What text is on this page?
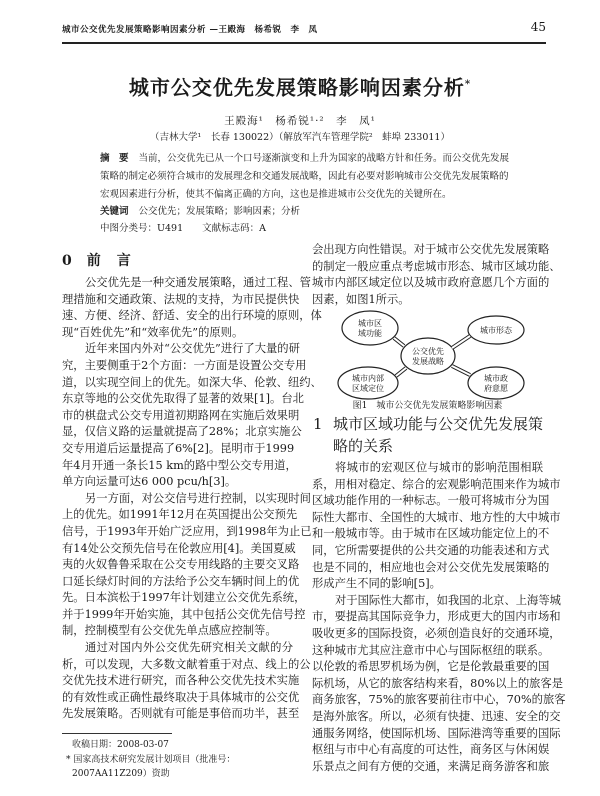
城市公交优先发展策略影响因素分析 —王殿海　杨希锐　李　凤	45
城市公交优先发展策略影响因素分析*
王殿海¹　杨希锐¹·²　李　凤¹
（吉林大学¹　长春 130022）（解放军汽车管理学院²　蚌埠 233011）
摘　要 当前，公交优先已从一个口号逐渐演变和上升为国家的战略方针和任务。而公交优先发展
策略的制定必须符合城市的发展理念和交通发展战略，因此有必要对影响城市公交优先发展策略的
宏观因素进行分析，使其不偏离正确的方向，这也是推进城市公交优先的关键所在。
关键词 公交优先；发展策略；影响因素；分析
中图分类号：U491　　文献标志码：A
0 前　言
公交优先是一种交通发展策略，通过工程、管
理措施和交通政策、法规的支持，为市民提供快
速、方便、经济、舒适、安全的出行环境的原则，体
现“百姓优先”和“效率优先”的原则。
近年来国内外对“公交优先”进行了大量的研
究，主要侧重于2个方面：一方面是设置公交专用
道，以实现空间上的优先。如深大华、伦敦、纽约、
东京等地的公交优先取得了显著的效果[1]。台北
市的棋盘式公交专用道初期路网在实施后效果明
显，仅信义路的运量就提高了28%；北京实施公
交专用道后运量提高了6%[2]。昆明市于1999
年4月开通一条长15 km的路中型公交专用道，
单方向运量可达6 000 pcu/h[3]。
另一方面，对公交信号进行控制，以实现时间
上的优先。如1991年12月在英国提出公交预先
信号，于1993年开始广泛应用，到1998年为止已
有14处公交预先信号在伦敦应用[4]。美国夏威
夷的火奴鲁鲁采取在公交专用线路的主要交叉路
口延长绿灯时间的方法给予公交车辆时间上的优
先。日本滨松于1997年计划建立公交优先系统，
并于1999年开始实施，其中包括公交优先信号控
制，控制模型有公交优先单点感应控制等。
通过对国内外公交优先研究相关文献的分
析，可以发现，大多数文献着重于对点、线上的公
交优先技术进行研究，而各种公交优先技术实施
的有效性或正确性最终取决于具体城市的公交优
先发展策略。否则就有可能是事倍而功半，甚至
收稿日期：2008-03-07
* 国家高技术研究发展计划项目（批准号：
2007AA11Z209）资助
会出现方向性错误。对于城市公交优先发展策略
的制定一般应重点考虑城市形态、城市区域功能、
城市内部区域定位以及城市政府意愿几个方面的
因素，如图1所示。
城市区
域功能	城市形态
公交优先
发展战略
城市内部
区域定位
城市政
府意愿
图1　城市公交优先发展策略影响因素
1 城市区域功能与公交优先发展策
略的关系
将城市的宏观区位与城市的影响范围相联
系，用相对稳定、综合的宏观影响范围来作为城市
区域功能作用的一种标志。一般可将城市分为国
际性大都市、全国性的大城市、地方性的大中城市
和一般城市等。由于城市在区域功能定位上的不
同，它所需要提供的公共交通的功能表述和方式
也是不同的，相应地也会对公交优先发展策略的
形成产生不同的影响[5]。
对于国际性大都市，如我国的北京、上海等城
市，要提高其国际竞争力，形成更大的国内市场和
吸收更多的国际投资，必须创造良好的交通环境，
这种城市尤其应注意市中心与国际枢纽的联系。
以伦敦的希思罗机场为例，它是伦敦最重要的国
际机场，从它的旅客结构来看，80%以上的旅客是
商务旅客，75%的旅客要前往市中心，70%的旅客
是海外旅客。所以，必须有快捷、迅速、安全的交
通服务网络，使国际机场、国际港湾等重要的国际
枢纽与市中心有高度的可达性，商务区与休闲娱
乐景点之间有方便的交通，来满足商务游客和旅
